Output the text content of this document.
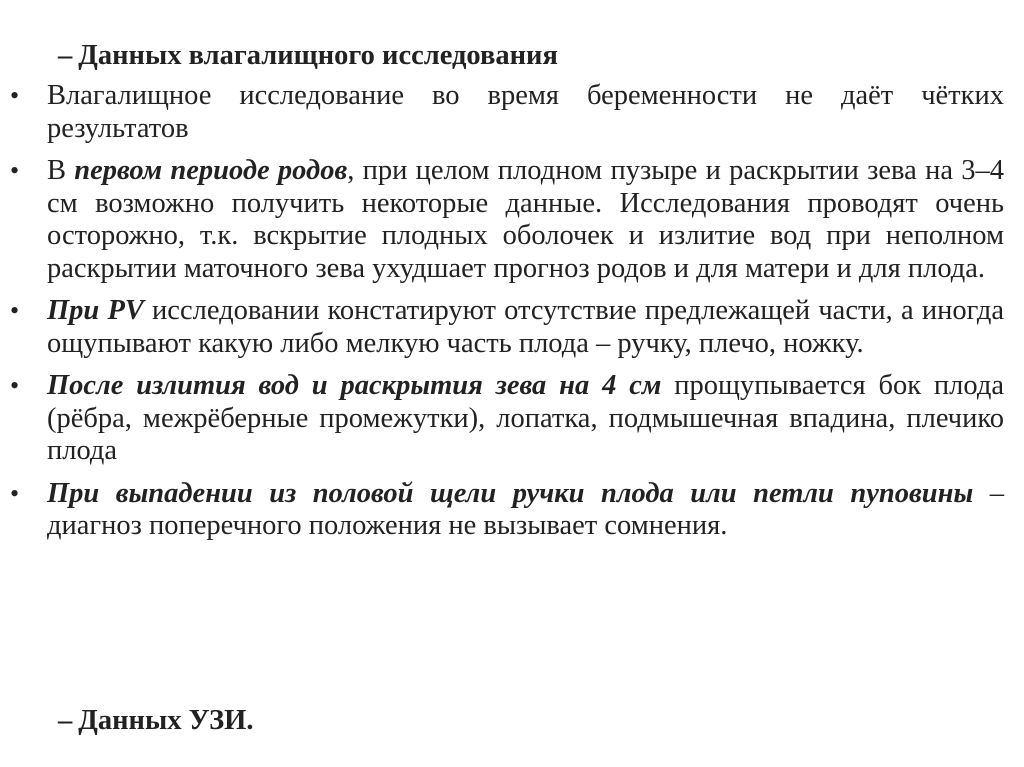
– Данных влагалищного исследования
• Влагалищное исследование во время беременности не даёт чётких результатов
• В первом периоде родов, при целом плодном пузыре и раскрытии зева на 3–4 см возможно получить некоторые данные. Исследования проводят очень осторожно, т.к. вскрытие плодных оболочек и излитие вод при неполном раскрытии маточного зева ухудшает прогноз родов и для матери и для плода.
• При PV исследовании констатируют отсутствие предлежащей части, а иногда ощупывают какую либо мелкую часть плода – ручку, плечо, ножку.
• После излития вод и раскрытия зева на 4 см прощупывается бок плода (рёбра, межрёберные промежутки), лопатка, подмышечная впадина, плечико плода
• При выпадении из половой щели ручки плода или петли пуповины – диагноз поперечного положения не вызывает сомнения.
– Данных УЗИ.
